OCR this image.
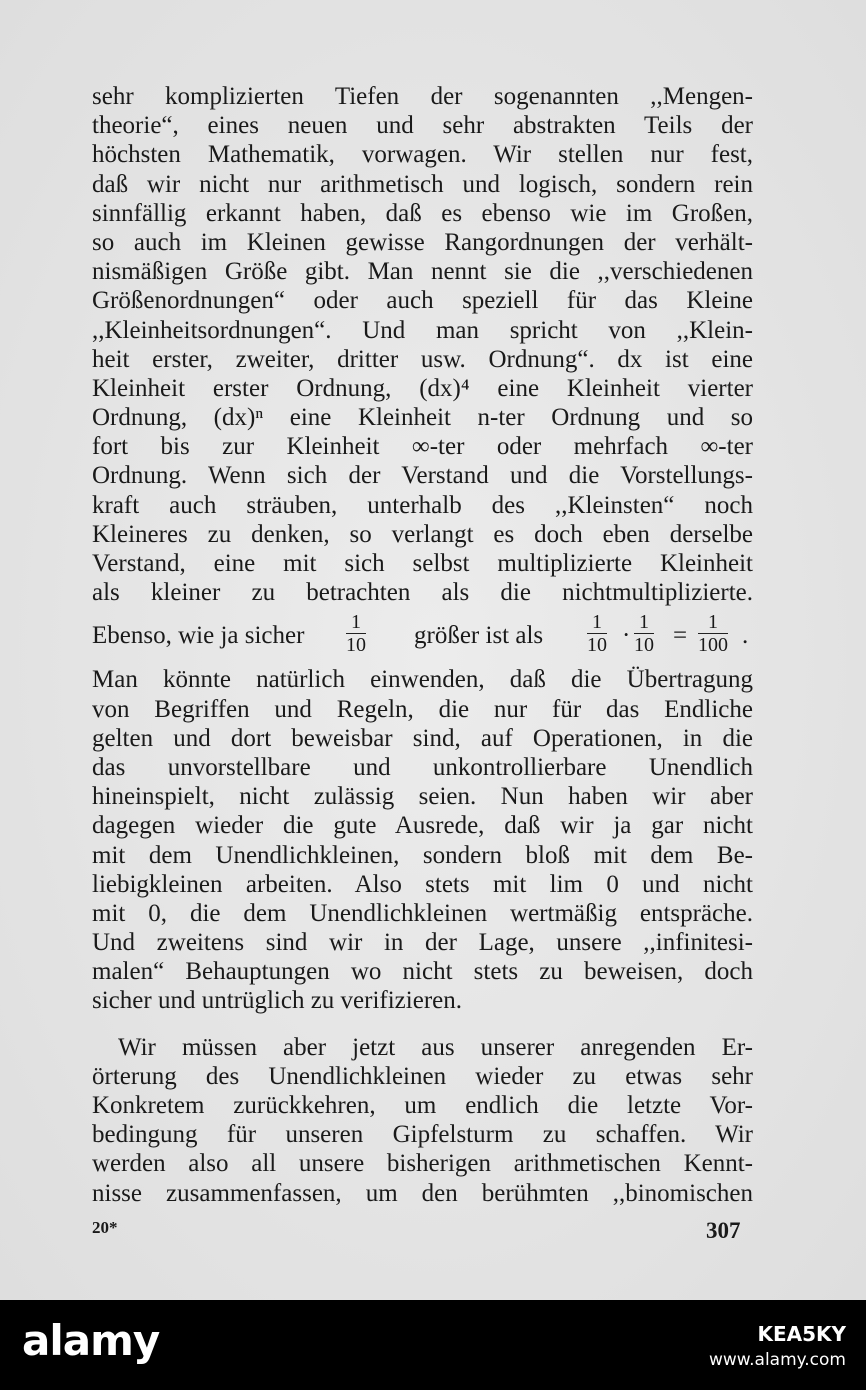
sehr komplizierten Tiefen der sogenannten ,,Mengen-
theorie“, eines neuen und sehr abstrakten Teils der
höchsten Mathematik, vorwagen. Wir stellen nur fest,
daß wir nicht nur arithmetisch und logisch, sondern rein
sinnfällig erkannt haben, daß es ebenso wie im Großen,
so auch im Kleinen gewisse Rangordnungen der verhält-
nismäßigen Größe gibt. Man nennt sie die ,,verschiedenen
Größenordnungen“ oder auch speziell für das Kleine
,,Kleinheitsordnungen“. Und man spricht von ,,Klein-
heit erster, zweiter, dritter usw. Ordnung“. dx ist eine
Kleinheit erster Ordnung, (dx)⁴ eine Kleinheit vierter
Ordnung, (dx)ⁿ eine Kleinheit n-ter Ordnung und so
fort bis zur Kleinheit ∞-ter oder mehrfach ∞-ter
Ordnung. Wenn sich der Verstand und die Vorstellungs-
kraft auch sträuben, unterhalb des ,,Kleinsten“ noch
Kleineres zu denken, so verlangt es doch eben derselbe
Verstand, eine mit sich selbst multiplizierte Kleinheit
als kleiner zu betrachten als die nichtmultiplizierte.
Ebenso, wie ja sicher $\frac{1}{10}$ größer ist als $\frac{1}{10} \cdot \frac{1}{10} = \frac{1}{100}$ .
Man könnte natürlich einwenden, daß die Übertragung
von Begriffen und Regeln, die nur für das Endliche
gelten und dort beweisbar sind, auf Operationen, in die
das unvorstellbare und unkontrollierbare Unendlich
hineinspielt, nicht zulässig seien. Nun haben wir aber
dagegen wieder die gute Ausrede, daß wir ja gar nicht
mit dem Unendlichkleinen, sondern bloß mit dem Be-
liebigkleinen arbeiten. Also stets mit lim 0 und nicht
mit 0, die dem Unendlichkleinen wertmäßig entspräche.
Und zweitens sind wir in der Lage, unsere ,,infinitesi-
malen“ Behauptungen wo nicht stets zu beweisen, doch
sicher und untrüglich zu verifizieren.
Wir müssen aber jetzt aus unserer anregenden Er-
örterung des Unendlichkleinen wieder zu etwas sehr
Konkretem zurückkehren, um endlich die letzte Vor-
bedingung für unseren Gipfelsturm zu schaffen. Wir
werden also all unsere bisherigen arithmetischen Kennt-
nisse zusammenfassen, um den berühmten ,,binomischen
20*	307
alamy	KEA5KY
www.alamy.com
